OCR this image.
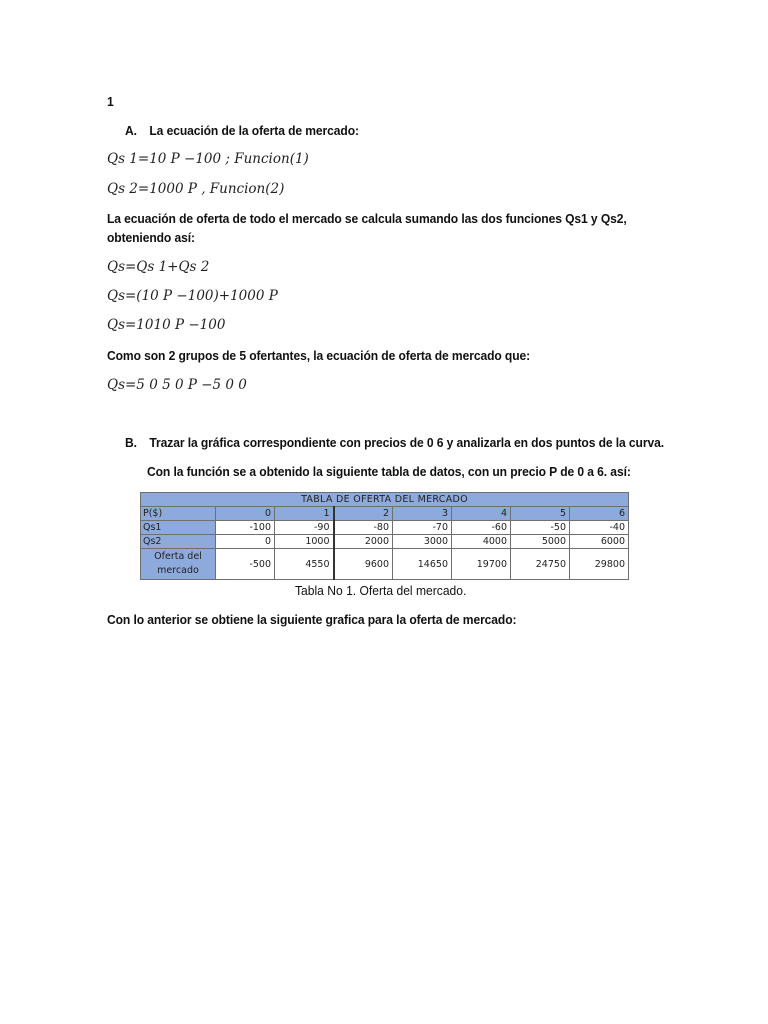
1
A. La ecuación de la oferta de mercado:
Qs 1=10 P −100 ; Funcion(1)
Qs 2=1000 P , Funcion(2)
La ecuación de oferta de todo el mercado se calcula sumando las dos funciones Qs1 y Qs2,
obteniendo así:
Qs=Qs 1+Qs 2
Qs=(10 P −100)+1000 P
Qs=1010 P −100
Como son 2 grupos de 5 ofertantes, la ecuación de oferta de mercado que:
Qs=5 0 5 0 P −5 0 0
B. Trazar la gráfica correspondiente con precios de 0 6 y analizarla en dos puntos de la curva.
Con la función se a obtenido la siguiente tabla de datos, con un precio P de 0 a 6. así:
TABLA DE OFERTA DEL MERCADO							
P($)	0	1	2	3	4	5	6
Qs1	-100	-90	-80	-70	-60	-50	-40
Qs2	0	1000	2000	3000	4000	5000	6000
Oferta del mercado	-500	4550	9600	14650	19700	24750	29800
Tabla No 1. Oferta del mercado.
Con lo anterior se obtiene la siguiente grafica para la oferta de mercado:
